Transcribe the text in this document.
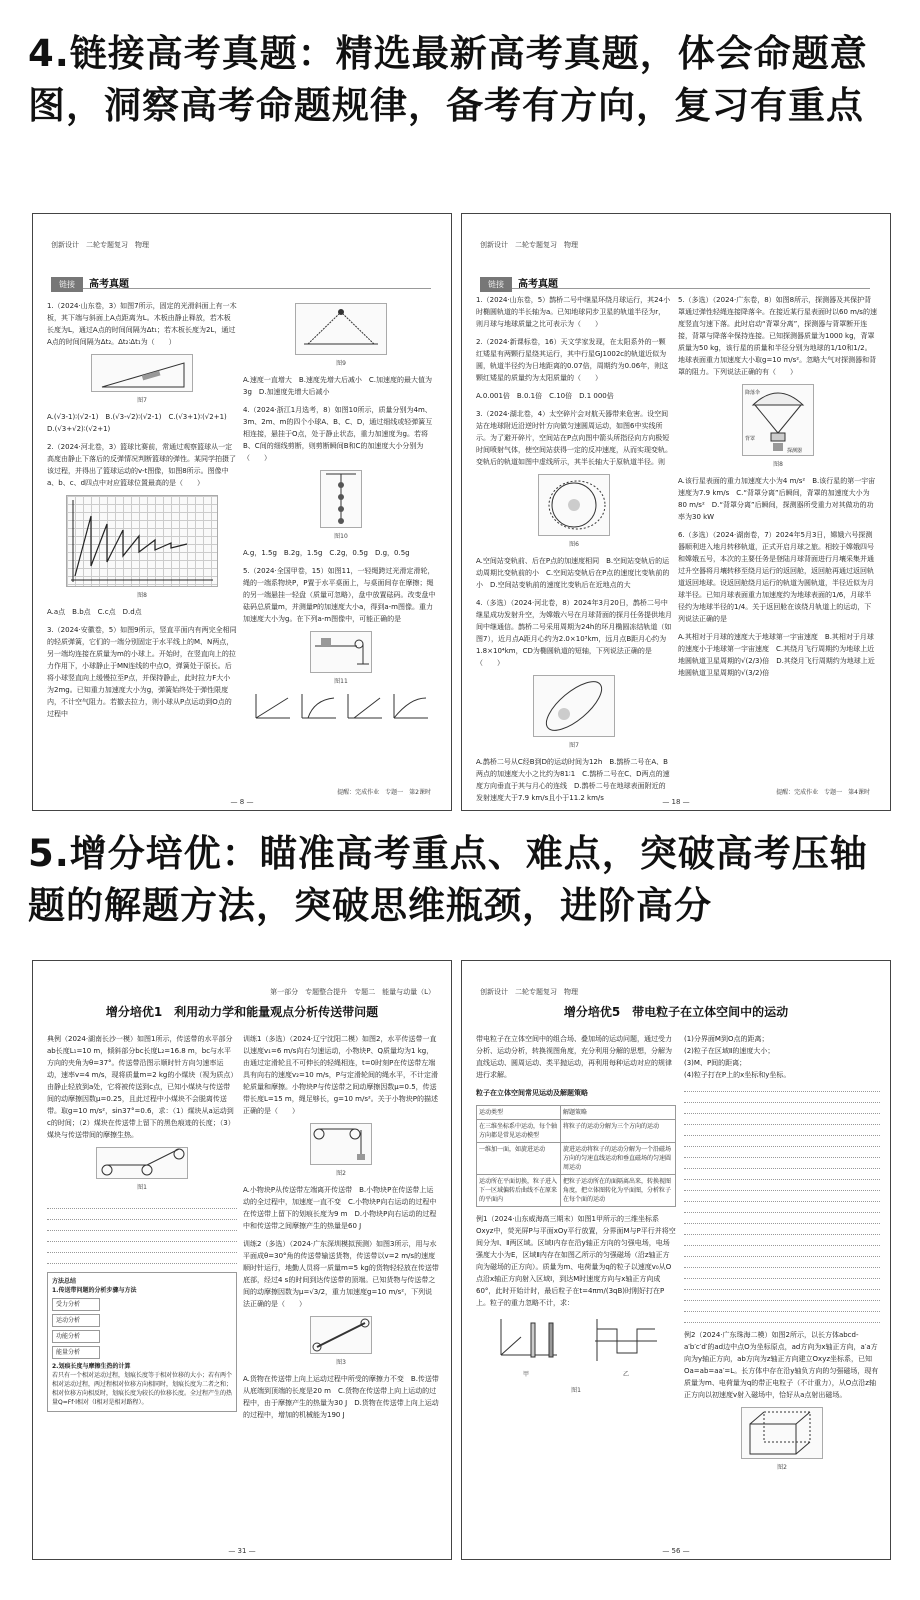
4.链接高考真题：精选最新高考真题，体会命题意图，洞察高考命题规律，备考有方向，复习有重点
5.增分培优：瞄准高考重点、难点，突破高考压轴题的解题方法，突破思维瓶颈，进阶高分
创新设计　二轮专题复习　物理
链接 高考真题
1.（2024·山东卷，3）如图7所示，固定的光滑斜面上有一木板，其下端与斜面上A点距离为L。木板由静止释放，若木板长度为L，通过A点的时间间隔为Δt₁；若木板长度为2L，通过A点的时间间隔为Δt₂。Δt₂∶Δt₁为（　　）
图7
A.(√3-1)∶(√2-1)　B.(√3-√2)∶(√2-1)　C.(√3+1)∶(√2+1)　D.(√3+√2)∶(√2+1)
2.（2024·河北卷，3）篮球比赛前，常通过观察篮球从一定高度由静止下落后的反弹情况判断篮球的弹性。某同学拍摄了该过程，并得出了篮球运动的v-t图像，如图8所示。图像中a、b、c、d四点中对应篮球位置最高的是（　　）
图8
A.a点　B.b点　C.c点　D.d点
3.（2024·安徽卷，5）如图9所示，竖直平面内有两完全相同的轻质弹簧，它们的一端分别固定于水平线上的M、N两点，另一端均连接在质量为m的小球上。开始时，在竖直向上的拉力作用下，小球静止于MN连线的中点O，弹簧处于原长。后将小球竖直向上缓慢拉至P点，并保持静止，此时拉力F大小为2mg。已知重力加速度大小为g，弹簧始终处于弹性限度内，不计空气阻力。若撤去拉力，则小球从P点运动到O点的过程中
图9
A.速度一直增大　B.速度先增大后减小　C.加速度的最大值为3g　D.加速度先增大后减小
4.（2024·浙江1月选考，8）如图10所示，质量分别为4m、3m、2m、m的四个小球A、B、C、D，通过细线或轻弹簧互相连接，悬挂于O点，处于静止状态，重力加速度为g。若将B、C间的细线剪断，则剪断瞬间B和C的加速度大小分别为（　　）
图10
A.g，1.5g　B.2g，1.5g　C.2g，0.5g　D.g，0.5g
5.（2024·全国甲卷，15）如图11，一轻绳跨过光滑定滑轮，绳的一端系物块P，P置于水平桌面上，与桌面间存在摩擦；绳的另一端悬挂一轻盘（质量可忽略），盘中放置砝码。改变盘中砝码总质量m，并测量P的加速度大小a，得到a-m图像。重力加速度大小为g。在下列a-m图像中，可能正确的是
图11
提醒：完成作业　专题一　第2课时
— 8 —
创新设计　二轮专题复习　物理
链接 高考真题
1.（2024·山东卷，5）鹊桥二号中继星环绕月球运行，其24小时椭圆轨道的半长轴为a。已知地球同步卫星的轨道半径为r，则月球与地球质量之比可表示为（　　）
2.（2024·新课标卷，16）天文学家发现，在太阳系外的一颗红矮星有两颗行星绕其运行，其中行星GJ1002c的轨道近似为圆，轨道半径约为日地距离的0.07倍，周期约为0.06年，则这颗红矮星的质量约为太阳质量的（　　）
A.0.001倍　B.0.1倍　C.10倍　D.1 000倍
3.（2024·湖北卷，4）太空碎片会对航天器带来危害。设空间站在地球附近沿逆时针方向做匀速圆周运动，如图6中实线所示。为了避开碎片，空间站在P点向图中箭头所指径向方向极短时间喷射气体，使空间站获得一定的反冲速度，从而实现变轨。变轨后的轨道如图中虚线所示，其半长轴大于原轨道半径。则
图6
A.空间站变轨前、后在P点的加速度相同　B.空间站变轨后的运动周期比变轨前的小　C.空间站变轨后在P点的速度比变轨前的小　D.空间站变轨前的速度比变轨后在近地点的大
4.（多选）（2024·河北卷，8）2024年3月20日，鹊桥二号中继星成功发射升空，为嫦娥六号在月球背面的探月任务提供地月间中继通信。鹊桥二号采用周期为24h的环月椭圆冻结轨道（如图7），近月点A距月心约为2.0×10³km，远月点B距月心约为1.8×10⁴km，CD为椭圆轨道的短轴，下列说法正确的是（　　）
图7
A.鹊桥二号从C经B到D的运动时间为12h　B.鹊桥二号在A、B两点的加速度大小之比约为81∶1　C.鹊桥二号在C、D两点的速度方向垂直于其与月心的连线　D.鹊桥二号在地球表面附近的发射速度大于7.9 km/s且小于11.2 km/s
5.（多选）（2024·广东卷，8）如图8所示，探测器及其保护背罩通过弹性轻绳连接降落伞。在接近某行星表面时以60 m/s的速度竖直匀速下落。此时启动“背罩分离”，探测器与背罩断开连接，背罩与降落伞保持连接。已知探测器质量为1000 kg，背罩质量为50 kg，该行星的质量和半径分别为地球的1/10和1/2。地球表面重力加速度大小取g=10 m/s²。忽略大气对探测器和背罩的阻力。下列说法正确的有（　　）
降落伞
背罩
探测器
图8
A.该行星表面的重力加速度大小为4 m/s²　B.该行星的第一宇宙速度为7.9 km/s　C.“背罩分离”后瞬间，背罩的加速度大小为80 m/s²　D.“背罩分离”后瞬间，探测器所受重力对其做功的功率为30 kW
6.（多选）（2024·湖南卷，7）2024年5月3日，嫦娥六号探测器顺利进入地月转移轨道，正式开启月球之旅。相较于嫦娥四号和嫦娥五号，本次的主要任务是登陆月球背面进行月壤采集并通过升空器将月壤转移至绕月运行的返回舱，返回舱再通过返回轨道返回地球。设返回舱绕月运行的轨道为圆轨道，半径近似为月球半径。已知月球表面重力加速度约为地球表面的1/6，月球半径约为地球半径的1/4。关于返回舱在该绕月轨道上的运动，下列说法正确的是
A.其相对于月球的速度大于地球第一宇宙速度　B.其相对于月球的速度小于地球第一宇宙速度　C.其绕月飞行周期约为地球上近地圆轨道卫星周期的√(2/3)倍　D.其绕月飞行周期约为地球上近地圆轨道卫星周期的√(3/2)倍
提醒：完成作业　专题一　第4课时
— 18 —
第一部分　专题整合提升　专题二　能量与动量（L）
增分培优1　利用动力学和能量观点分析传送带问题
典例（2024·湖南长沙一模）如图1所示，传送带的水平部分ab长度L₁=10 m，倾斜部分bc长度L₂=16.8 m，bc与水平方向的夹角为θ=37°。传送带沿图示顺时针方向匀速率运动，速率v=4 m/s，现将质量m=2 kg的小煤块（视为质点）由静止轻放到a处，它将被传送到c点，已知小煤块与传送带间的动摩擦因数μ=0.25，且此过程中小煤块不会脱离传送带。取g=10 m/s²，sin37°=0.6，求：（1）煤块从a运动到c的时间；（2）煤块在传送带上留下的黑色痕迹的长度；（3）煤块与传送带间的摩擦生热。
图1
方法总结
1.传送带问题的分析步骤与方法
受力分析
运动分析
功能分析
能量分析
2.划痕长度与摩擦生热的计算
若只有一个相对运动过程，划痕长度等于相对位移的大小；若有两个相对运动过程，两过程相对位移方向相同时，划痕长度为二者之和；相对位移方向相反时，划痕长度为较长的位移长度。全过程产生的热量Q=Ff·l相对（l相对是相对路程）。
训练1（多选）（2024·辽宁沈阳二模）如图2，水平传送带一直以速度v₁=6 m/s向右匀速运动，小物块P、Q质量均为1 kg，由通过定滑轮且不可伸长的轻绳相连，t=0时刻P在传送带左端具有向右的速度v₂=10 m/s，P与定滑轮间的绳水平，不计定滑轮质量和摩擦。小物块P与传送带之间动摩擦因数μ=0.5，传送带长度L=15 m，绳足够长，g=10 m/s²。关于小物块P的描述正确的是（　　）
图2
A.小物块P从传送带左端离开传送带　B.小物块P在传送带上运动的全过程中，加速度一直不变　C.小物块P向右运动的过程中在传送带上留下的划痕长度为9 m　D.小物块P向右运动的过程中和传送带之间摩擦产生的热量是60 J
训练2（多选）（2024·广东深圳模拟预测）如图3所示，用与水平面成θ=30°角的传送带输送货物，传送带以v=2 m/s的速度顺时针运行，地勤人员将一质量m=5 kg的货物轻轻放在传送带底部，经过4 s的时间到达传送带的顶端。已知货物与传送带之间的动摩擦因数为μ=√3/2，重力加速度g=10 m/s²，下列说法正确的是（　　）
图3
A.货物在传送带上向上运动过程中所受的摩擦力不变　B.传送带从底端到顶端的长度是20 m　C.货物在传送带上向上运动的过程中，由于摩擦产生的热量为30 J　D.货物在传送带上向上运动的过程中，增加的机械能为190 J
— 31 —
创新设计　二轮专题复习　物理
增分培优5　带电粒子在立体空间中的运动
带电粒子在立体空间中的组合场、叠加场的运动问题，通过受力分析、运动分析，转换视图角度，充分利用分解的思想，分解为直线运动、圆周运动、类平抛运动，再利用每种运动对应的规律进行求解。
粒子在立体空间常见运动及解题策略
运动类型	解题策略
在三维坐标系中运动，每个轴方向都是常见运动模型	将粒子的运动分解为三个方向的运动
一维加一面，如旋进运动	旋进运动将粒子的运动分解为一个沿磁场方向的匀速直线运动和垂直磁场的匀速圆周运动
运动所在平面切换，粒子进入下一区域偏转后曲线不在原来的平面内	把粒子运动所在的面隔离出来，转换视图角度，把立体图转化为平面图，分析粒子在每个面的运动
例1（2024·山东威海高三期末）如图1甲所示的三维坐标系Oxyz中，荧光屏P与平面xOy平行放置，分界面M与P平行并将空间分为Ⅰ、Ⅱ两区域。区域Ⅰ内存在沿y轴正方向的匀强电场，电场强度大小为E，区域Ⅱ内存在如图乙所示的匀强磁场（沿z轴正方向为磁场的正方向）。质量为m、电荷量为q的粒子以速度v₀从O点沿x轴正方向射入区域Ⅰ，到达M时速度方向与x轴正方向成60°，此时开始计时，最后粒子在t=4πm/(3qB)时刚好打在P上。粒子的重力忽略不计，求：
甲	乙
图1
(1)分界面M到O点的距离；
(2)粒子在区域Ⅱ的速度大小；
(3)M、P间的距离；
(4)粒子打在P上的x坐标和y坐标。
例2（2024·广东珠海二模）如图2所示，以长方体abcd-a′b′c′d′的ad边中点O为坐标原点，ad方向为x轴正方向，a′a方向为y轴正方向，ab方向为z轴正方向建立Oxyz坐标系，已知Oa=ab=aa′=L。长方体中存在沿y轴负方向的匀强磁场，现有质量为m、电荷量为q的带正电粒子（不计重力），从O点沿z轴正方向以初速度v射入磁场中，恰好从a点射出磁场。
图2
— 56 —
